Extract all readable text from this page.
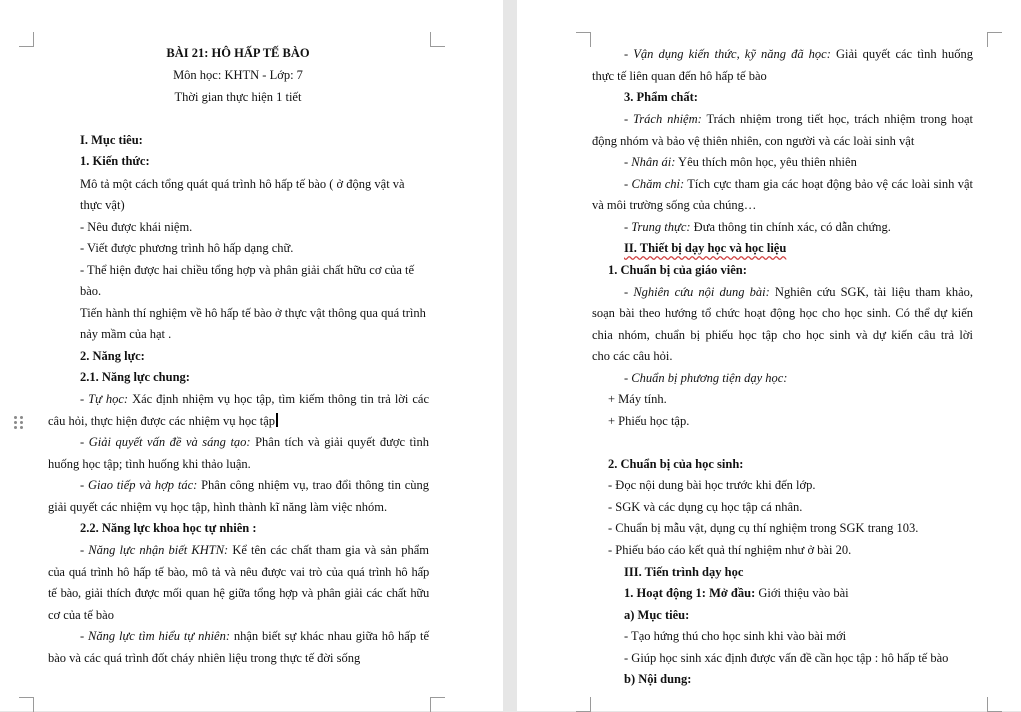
BÀI 21: HÔ HẤP TẾ BÀO
Môn học: KHTN - Lớp: 7
Thời gian thực hiện 1 tiết
I. Mục tiêu:
1. Kiến thức:
Mô tả một cách tổng quát quá trình hô hấp tế bào ( ở động vật và
thực vật)
- Nêu được khái niệm.
- Viết được phương trình hô hấp dạng chữ.
- Thể hiện được hai chiều tổng hợp và phân giải chất hữu cơ của tế
bào.
Tiến hành thí nghiệm về hô hấp tế bào ở thực vật thông qua quá trình
nảy mầm của hạt .
2. Năng lực:
2.1. Năng lực chung:
- Tự học: Xác định nhiệm vụ học tập, tìm kiếm thông tin trả lời các
câu hỏi, thực hiện được các nhiệm vụ học tập
- Giải quyết vấn đề và sáng tạo: Phân tích và giải quyết được tình
huống học tập; tình huống khi thảo luận.
- Giao tiếp và hợp tác: Phân công nhiệm vụ, trao đổi thông tin cùng
giải quyết các nhiệm vụ học tập, hình thành kĩ năng làm việc nhóm.
2.2. Năng lực khoa học tự nhiên :
- Năng lực nhận biết KHTN: Kể tên các chất tham gia và sản phẩm
của quá trình hô hấp tế bào, mô tả và nêu được vai trò của quá trình hô hấp
tế bào, giải thích được mối quan hệ giữa tổng hợp và phân giải các chất hữu
cơ của tế bào
- Năng lực tìm hiểu tự nhiên: nhận biết sự khác nhau giữa hô hấp tế
bào và các quá trình đốt cháy nhiên liệu trong thực tế đời sống
- Vận dụng kiến thức, kỹ năng đã học: Giải quyết các tình huống
thực tế liên quan đến hô hấp tế bào
3. Phẩm chất:
- Trách nhiệm: Trách nhiệm trong tiết học, trách nhiệm trong hoạt
động nhóm và bảo vệ thiên nhiên, con người và các loài sinh vật
- Nhân ái: Yêu thích môn học, yêu thiên nhiên
- Chăm chỉ: Tích cực tham gia các hoạt động bảo vệ các loài sinh vật
và môi trường sống của chúng…
- Trung thực: Đưa thông tin chính xác, có dẫn chứng.
II. Thiết bị dạy học và học liệu
1. Chuẩn bị của giáo viên:
- Nghiên cứu nội dung bài: Nghiên cứu SGK, tài liệu tham khảo,
soạn bài theo hướng tổ chức hoạt động học cho học sinh. Có thể dự kiến
chia nhóm, chuẩn bị phiếu học tập cho học sinh và dự kiến câu trả lời
cho các câu hỏi.
- Chuẩn bị phương tiện dạy học:
+ Máy tính.
+ Phiếu học tập.
2. Chuẩn bị của học sinh:
- Đọc nội dung bài học trước khi đến lớp.
- SGK và các dụng cụ học tập cá nhân.
- Chuẩn bị mẫu vật, dụng cụ thí nghiệm trong SGK trang 103.
- Phiếu báo cáo kết quả thí nghiệm như ở bài 20.
III. Tiến trình dạy học
1. Hoạt động 1: Mở đầu: Giới thiệu vào bài
a) Mục tiêu:
- Tạo hứng thú cho học sinh khi vào bài mới
- Giúp học sinh xác định được vấn đề cần học tập : hô hấp tế bào
b) Nội dung:
